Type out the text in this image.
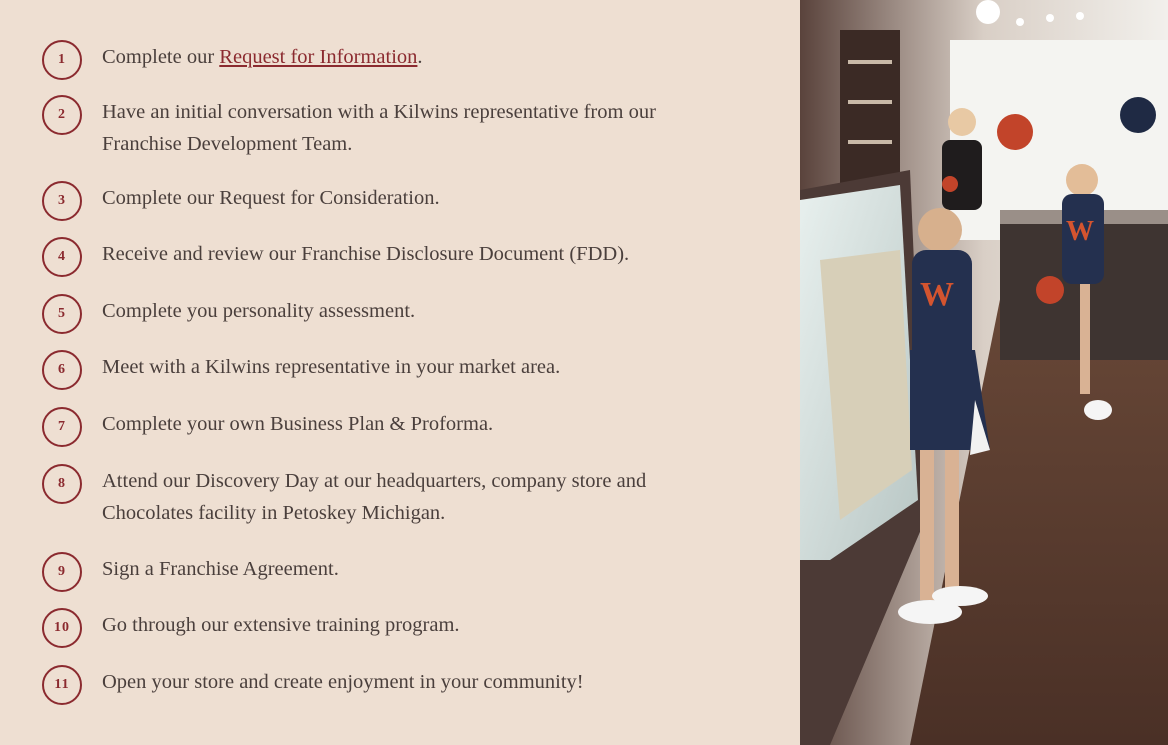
1	Complete our Request for Information.
2	Have an initial conversation with a Kilwins representative from our Franchise Development Team.
3	Complete our Request for Consideration.
4	Receive and review our Franchise Disclosure Document (FDD).
5	Complete you personality assessment.
6	Meet with a Kilwins representative in your market area.
7	Complete your own Business Plan & Proforma.
8	Attend our Discovery Day at our headquarters, company store and Chocolates facility in Petoskey Michigan.
9	Sign a Franchise Agreement.
10	Go through our extensive training program.
11	Open your store and create enjoyment in your community!
W
W
